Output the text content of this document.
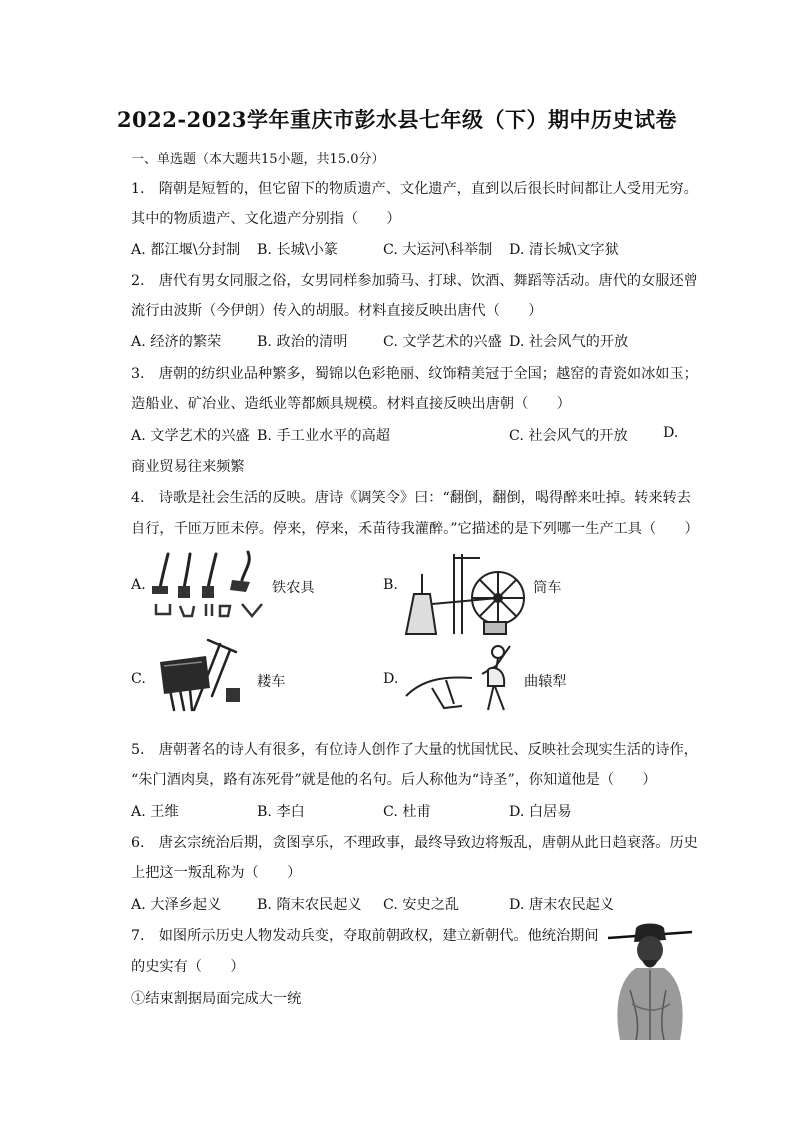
2022-2023学年重庆市彭水县七年级（下）期中历史试卷
一、单选题（本大题共15小题，共15.0分）
1.　隋朝是短暂的，但它留下的物质遗产、文化遗产，直到以后很长时间都让人受用无穷。
其中的物质遗产、文化遗产分别指（　　）
A. 都江堰\分封制 B. 长城\小篆	C. 大运河\科举制 D. 清长城\文字狱
2.　唐代有男女同服之俗，女男同样参加骑马、打球、饮酒、舞蹈等活动。唐代的女服还曾
流行由波斯（今伊朗）传入的胡服。材料直接反映出唐代（　　）
A. 经济的繁荣	B. 政治的清明	C. 文学艺术的兴盛 D. 社会风气的开放
3.　唐朝的纺织业品种繁多，蜀锦以色彩艳丽、纹饰精美冠于全国；越窑的青瓷如冰如玉；
造船业、矿冶业、造纸业等都颇具规模。材料直接反映出唐朝（　　）
A. 文学艺术的兴盛 B. 手工业水平的高超	C. 社会风气的开放 D.
商业贸易往来频繁
4.　诗歌是社会生活的反映。唐诗《调笑令》曰：“翻倒，翻倒，喝得醉来吐掉。转来转去
自行，千匝万匝未停。停来，停来，禾苗待我灌醉。”它描述的是下列哪一生产工具（　　）
A.	铁农具	B.	筒车
C.	耧车	D.	曲辕犁
5.　唐朝著名的诗人有很多，有位诗人创作了大量的忧国忧民、反映社会现实生活的诗作，
“朱门酒肉臭，路有冻死骨”就是他的名句。后人称他为“诗圣”，你知道他是（　　）
A. 王维	B. 李白	C. 杜甫	D. 白居易
6.　唐玄宗统治后期，贪图享乐，不理政事，最终导致边将叛乱，唐朝从此日趋衰落。历史
上把这一叛乱称为（　　）
A. 大泽乡起义	B. 隋末农民起义 C. 安史之乱	D. 唐末农民起义
7.　如图所示历史人物发动兵变，夺取前朝政权，建立新朝代。他统治期间
的史实有（　　）
①结束割据局面完成大一统
